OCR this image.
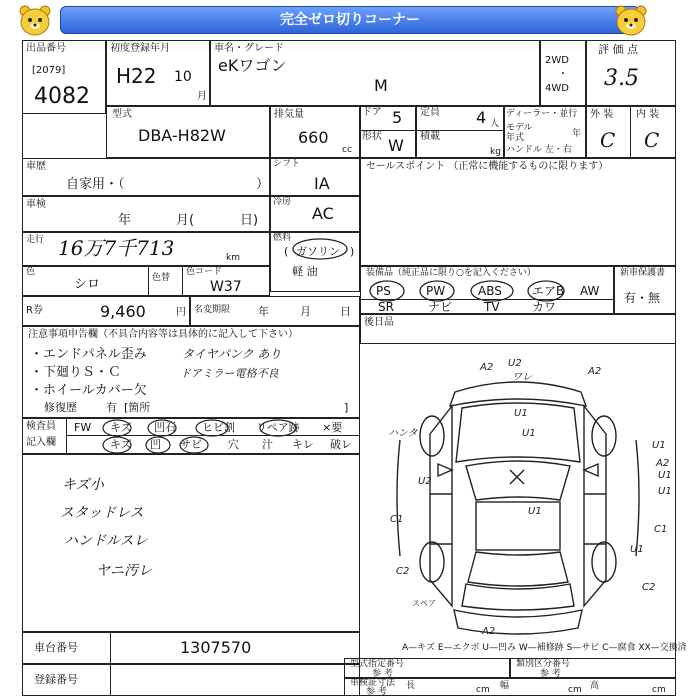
完全ゼロ切りコーナー
出品番号
[2079]
4082
初度登録年月
H22 10
月
車名・グレード
eKワゴン
M
2WD
・
4WD
評 価 点
3.5
型式
DBA-H82W
排気量
660
cc
ドア 5
形状 W
定員 4 人
積載
kg
ディーラー・並行
モデル
年式	年
ハンドル 左・右
外 装 内 装
C C
車歴
自家用・（	）
シフト
IA
車検
年	月(	日)
冷房
AC
走行 16万7千713	km
燃料
( ガソリン )
軽 油
色
シロ	色替
色コード
W37
R券	9,460	円 名変期限	年	月	日
セールスポイント （正常に機能するものに限ります）
装備品（純正品に限り○を記入ください）
PS	PW	ABS	エアB AW
SR	ナビ	TV	カワ
新車保護書
有・無
後日品
注意事項申告欄（不具合内容等は具体的に記入して下さい）
・エンドパネル歪み	タイヤパンク あり
・下廻りＳ・Ｃ	ドアミラー電格不良
・ホイールカバー欠
修復歴	有 [箇所	]
検査員
記入欄
FW キズ 凹石 ヒビ割 リペア跡 ×要
キズ 凹 サビ 穴 汁 キレ 破レ
キズ小
スタッドレス
ハンドルスレ
ヤニ汚レ
A2 U2
ワレ
A2
U1
U1
ハンタ
U1
U1
A2
U1
U2
C1
C1
U1
U1
C2
C2
スペア
A2
A—キズ E—エクボ U—凹み W—補修跡 S—サビ C—腐食 XX—交換済
車台番号	1307570
登録番号
型式指定番号
参 考
類別区分番号
参 考
車検証寸法
参 考
長	cm 幅	cm 高	cm
